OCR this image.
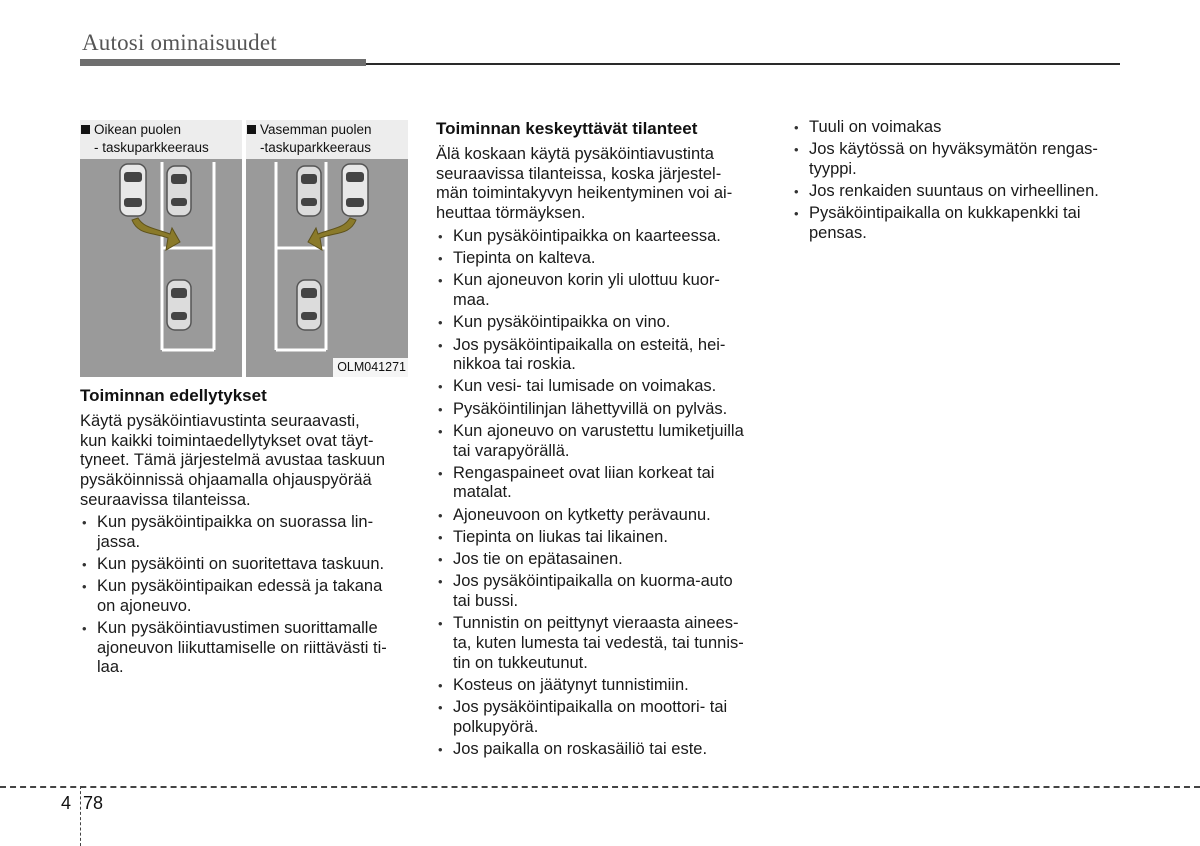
Autosi ominaisuudet
Oikean puolen
- taskuparkkeeraus
Vasemman puolen
-taskuparkkeeraus
OLM041271
Toiminnan edellytykset

Käytä pysäköintiavustinta seuraavasti,
kun kaikki toimintaedellytykset ovat täyt-
tyneet. Tämä järjestelmä avustaa taskuun
pysäköinnissä ohjaamalla ohjauspyörää
seuraavissa tilanteissa.

• Kun pysäköintipaikka on suorassa lin-
jassa.
• Kun pysäköinti on suoritettava taskuun.
• Kun pysäköintipaikan edessä ja takana
on ajoneuvo.
• Kun pysäköintiavustimen suorittamalle
ajoneuvon liikuttamiselle on riittävästi ti-
laa.
Toiminnan keskeyttävät tilanteet

Älä koskaan käytä pysäköintiavustinta
seuraavissa tilanteissa, koska järjestel-
män toimintakyvyn heikentyminen voi ai-
heuttaa törmäyksen.

• Kun pysäköintipaikka on kaarteessa.
• Tiepinta on kalteva.
• Kun ajoneuvon korin yli ulottuu kuor-
maa.
• Kun pysäköintipaikka on vino.
• Jos pysäköintipaikalla on esteitä, hei-
nikkoa tai roskia.
• Kun vesi- tai lumisade on voimakas.
• Pysäköintilinjan lähettyvillä on pylväs.
• Kun ajoneuvo on varustettu lumiketjuilla
tai varapyörällä.
• Rengaspaineet ovat liian korkeat tai
matalat.
• Ajoneuvoon on kytketty perävaunu.
• Tiepinta on liukas tai likainen.
• Jos tie on epätasainen.
• Jos pysäköintipaikalla on kuorma-auto
tai bussi.
• Tunnistin on peittynyt vieraasta ainees-
ta, kuten lumesta tai vedestä, tai tunnis-
tin on tukkeutunut.
• Kosteus on jäätynyt tunnistimiin.
• Jos pysäköintipaikalla on moottori- tai
polkupyörä.
• Jos paikalla on roskasäiliö tai este.
• Tuuli on voimakas
• Jos käytössä on hyväksymätön rengas-
tyyppi.
• Jos renkaiden suuntaus on virheellinen.
• Pysäköintipaikalla on kukkapenkki tai
pensas.
4 78
